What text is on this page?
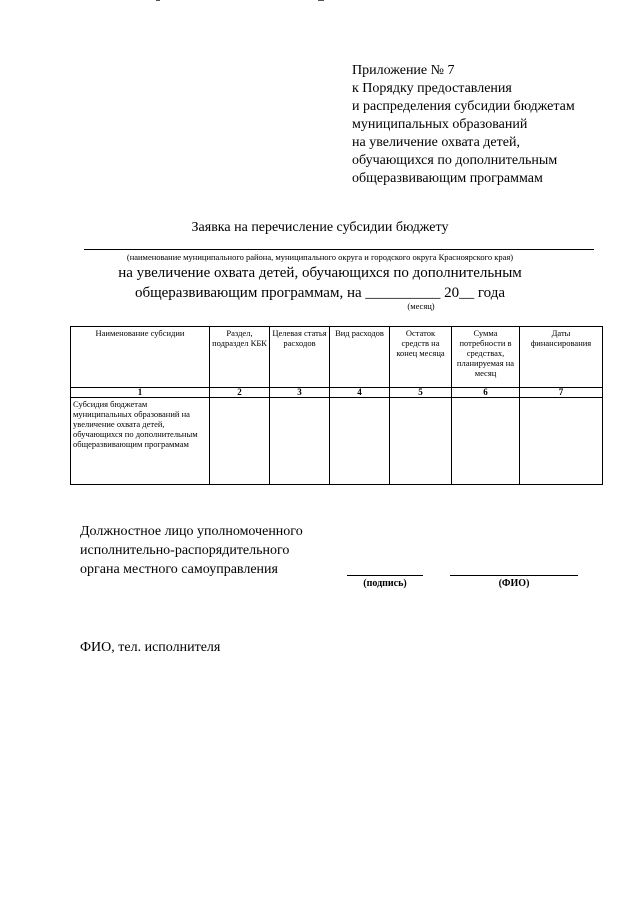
Приложение № 7
к Порядку предоставления
и распределения субсидии бюджетам
муниципальных образований
на увеличение охвата детей,
обучающихся по дополнительным
общеразвивающим программам
Заявка на перечисление субсидии бюджету
(наименование муниципального района, муниципального округа и городского округа Красноярского края)
на увеличение охвата детей, обучающихся по дополнительным
общеразвивающим программам, на __________ 20__ года
(месяц)
Наименование субсидии	Раздел, подраздел КБК	Целевая статья расходов	Вид расходов	Остаток средств на конец месяца	Сумма потребности в средствах, планируемая на месяц	Даты финансирования
1	2	3	4	5	6	7
Субсидия бюджетам муниципальных образований на увеличение охвата детей, обучающихся по дополнительным общеразвивающим программам						
Должностное лицо уполномоченного
исполнительно-распорядительного
органа местного самоуправления
(подпись)	(ФИО)
ФИО, тел. исполнителя
